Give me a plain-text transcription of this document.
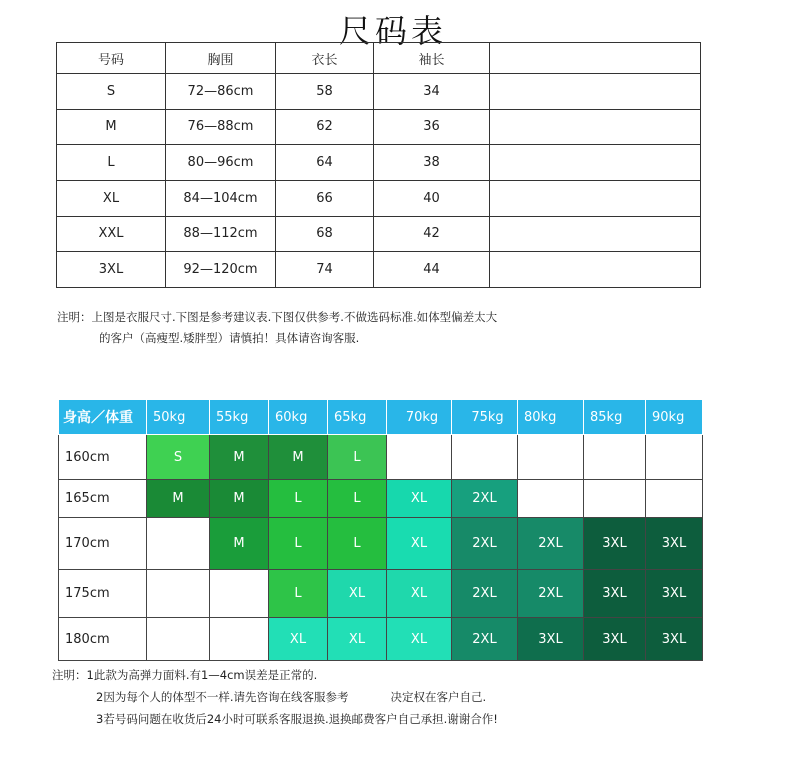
尺码表
号码	胸围	衣长	袖长	
S	72—86cm	58	34	
M	76—88cm	62	36	
L	80—96cm	64	38	
XL	84—104cm	66	40	
XXL	88—112cm	68	42	
3XL	92—120cm	74	44	
注明：上图是衣服尺寸.下图是参考建议表.下图仅供参考.不做选码标准.如体型偏差太大
的客户（高瘦型.矮胖型）请慎拍！具体请咨询客服.
身高／体重	50kg	55kg	60kg	65kg	70kg	75kg	80kg	85kg	90kg
160cm	S	M	M	L					
165cm	M	M	L	L	XL	2XL			
170cm		M	L	L	XL	2XL	2XL	3XL	3XL
175cm			L	XL	XL	2XL	2XL	3XL	3XL
180cm			XL	XL	XL	2XL	3XL	3XL	3XL
注明：1此款为高弹力面料.有1—4cm误差是正常的.
2因为每个人的体型不一样.请先咨询在线客服参考	决定权在客户自己.
3若号码问题在收货后24小时可联系客服退换.退换邮费客户自己承担.谢谢合作!
